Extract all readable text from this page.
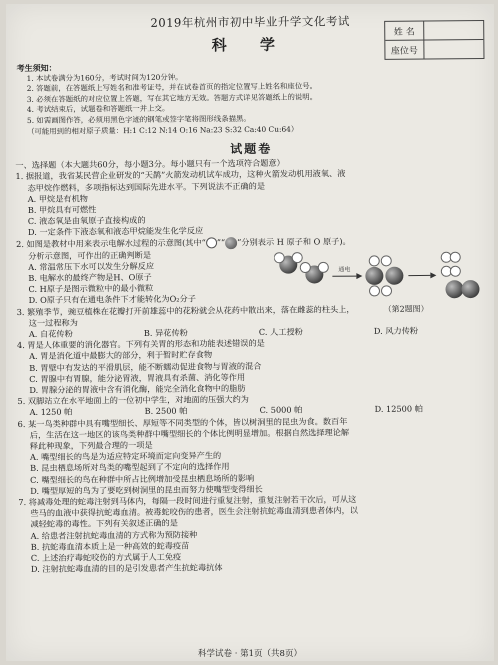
姓 名
座位号
2019年杭州市初中毕业升学文化考试
科 学
考生须知：
1. 本试卷满分为160分，考试时间为120分钟。
2. 答题前，在答题纸上写姓名和准考证号，并在试卷首页的指定位置写上姓名和座位号。
3. 必须在答题纸的对应位置上答题，写在其它地方无效。答题方式详见答题纸上的说明。
4. 考试结束后，试题卷和答题纸一并上交。
5. 如需画图作答，必须用黑色字迹的钢笔或签字笔将图形线条描黑。
（可能用到的相对原子质量：H:1 C:12 N:14 O:16 Na:23 S:32 Ca:40 Cu:64）
试题卷
一、选择题（本大题共60分，每小题3分。每小题只有一个选项符合题意）
1. 据报道，我省某民营企业研发的“天鹊”火箭发动机试车成功，这种火箭发动机用液氧、液
态甲烷作燃料，多项指标达到国际先进水平。下列说法不正确的是
A. 甲烷是有机物
B. 甲烷具有可燃性
C. 液态氧是由氧原子直接构成的
D. 一定条件下液态氧和液态甲烷能发生化学反应
2. 如图是教材中用来表示电解水过程的示意图(其中“ ”“ ”分别表示 H 原子和 O 原子)。
通电
（第2题图）
分析示意图，可作出的正确判断是
A. 常温常压下水可以发生分解反应
B. 电解水的最终产物是H、O原子
C. H原子是图示微粒中的最小微粒
D. O原子只有在通电条件下才能转化为O₂分子
3. 繁殖季节，豌豆植株在花瓣打开前雄蕊中的花粉就会从花药中散出来，落在雌蕊的柱头上，
这一过程称为
A. 自花传粉	B. 异花传粉	C. 人工授粉	D. 风力传粉
4. 胃是人体重要的消化器官。下列有关胃的形态和功能表述错误的是
A. 胃是消化道中最膨大的部分，利于暂时贮存食物
B. 胃壁中有发达的平滑肌层，能不断蠕动促进食物与胃液的混合
C. 胃腺中有胃腺，能分泌胃液，胃液具有杀菌、消化等作用
D. 胃腺分泌的胃液中含有消化酶，能完全消化食物中的脂肪
5. 双脚站立在水平地面上的一位初中学生，对地面的压强大约为
A. 1250 帕	B. 2500 帕	C. 5000 帕	D. 12500 帕
6. 某一鸟类种群中具有嘴型细长、厚短等不同类型的个体，皆以树洞里的昆虫为食。数百年
后，生活在这一地区的该鸟类种群中嘴型细长的个体比例明显增加。根据自然选择理论解
释此种现象，下列最合理的一项是
A. 嘴型细长的鸟是为适应特定环境而定向变异产生的
B. 昆虫栖息场所对鸟类的嘴型起到了不定向的选择作用
C. 嘴型细长的鸟在种群中所占比例增加受昆虫栖息场所的影响
D. 嘴型厚短的鸟为了要吃到树洞里的昆虫而努力使嘴型变得细长
7. 将减毒处理的蛇毒注射到马体内，每隔一段时间进行重复注射，重复注射若干次后，可从这
些马的血液中获得抗蛇毒血清。被毒蛇咬伤的患者，医生会注射抗蛇毒血清到患者体内，以
减轻蛇毒的毒性。下列有关叙述正确的是
A. 给患者注射抗蛇毒血清的方式称为预防接种
B. 抗蛇毒血清本质上是一种高效的蛇毒疫苗
C. 上述治疗毒蛇咬伤的方式属于人工免疫
D. 注射抗蛇毒血清的目的是引发患者产生抗蛇毒抗体
科学试卷 · 第1页（共8页）
